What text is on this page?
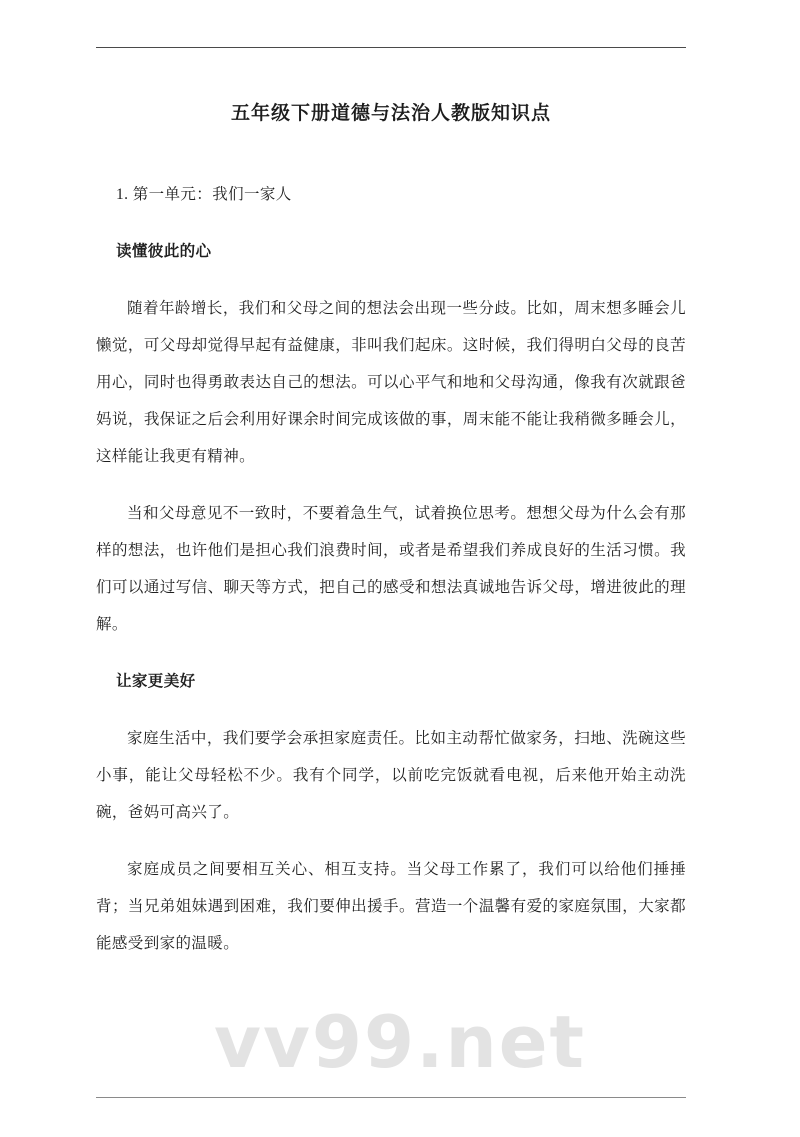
五年级下册道德与法治人教版知识点

1. 第一单元：我们一家人

读懂彼此的心

随着年龄增长，我们和父母之间的想法会出现一些分歧。比如，周末想多睡会儿懒觉，可父母却觉得早起有益健康，非叫我们起床。这时候，我们得明白父母的良苦用心，同时也得勇敢表达自己的想法。可以心平气和地和父母沟通，像我有次就跟爸妈说，我保证之后会利用好课余时间完成该做的事，周末能不能让我稍微多睡会儿，这样能让我更有精神。

当和父母意见不一致时，不要着急生气，试着换位思考。想想父母为什么会有那样的想法，也许他们是担心我们浪费时间，或者是希望我们养成良好的生活习惯。我们可以通过写信、聊天等方式，把自己的感受和想法真诚地告诉父母，增进彼此的理解。

让家更美好

家庭生活中，我们要学会承担家庭责任。比如主动帮忙做家务，扫地、洗碗这些小事，能让父母轻松不少。我有个同学，以前吃完饭就看电视，后来他开始主动洗碗，爸妈可高兴了。

家庭成员之间要相互关心、相互支持。当父母工作累了，我们可以给他们捶捶背；当兄弟姐妹遇到困难，我们要伸出援手。营造一个温馨有爱的家庭氛围，大家都能感受到家的温暖。

vv99.net
